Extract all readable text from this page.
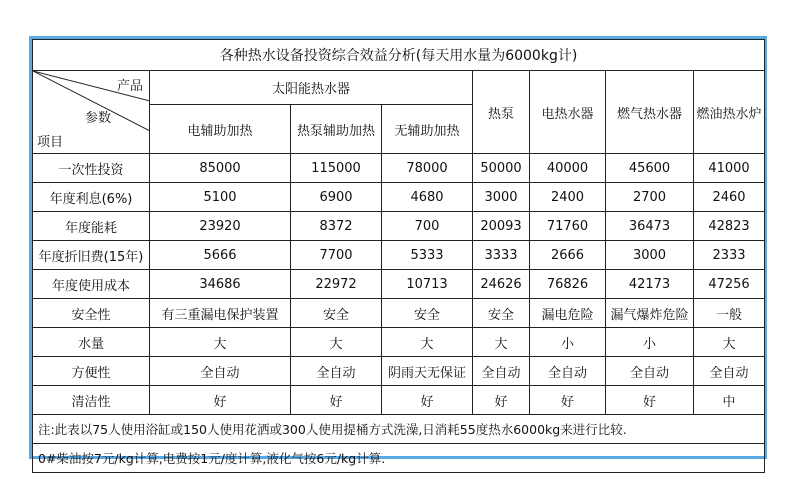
各种热水设备投资综合效益分析(每天用水量为6000kg计)							

产品
参数
项目	太阳能热水器			热泵	电热水器	燃气热水器	燃油热水炉
	电辅助加热	热泵辅助加热	无辅助加热				
一次性投资	85000	115000	78000	50000	40000	45600	41000
年度利息(6%)	5100	6900	4680	3000	2400	2700	2460
年度能耗	23920	8372	700	20093	71760	36473	42823
年度折旧费(15年)	5666	7700	5333	3333	2666	3000	2333
年度使用成本	34686	22972	10713	24626	76826	42173	47256
安全性	有三重漏电保护装置	安全	安全	安全	漏电危险	漏气爆炸危险	一般
水量	大	大	大	大	小	小	大
方便性	全自动	全自动	阴雨天无保证	全自动	全自动	全自动	全自动
清洁性	好	好	好	好	好	好	中
注:此表以75人使用浴缸或150人使用花洒或300人使用提桶方式洗澡,日消耗55度热水6000kg来进行比较.							
0#柴油按7元/kg计算,电费按1元/度计算,液化气按6元/kg计算.							
